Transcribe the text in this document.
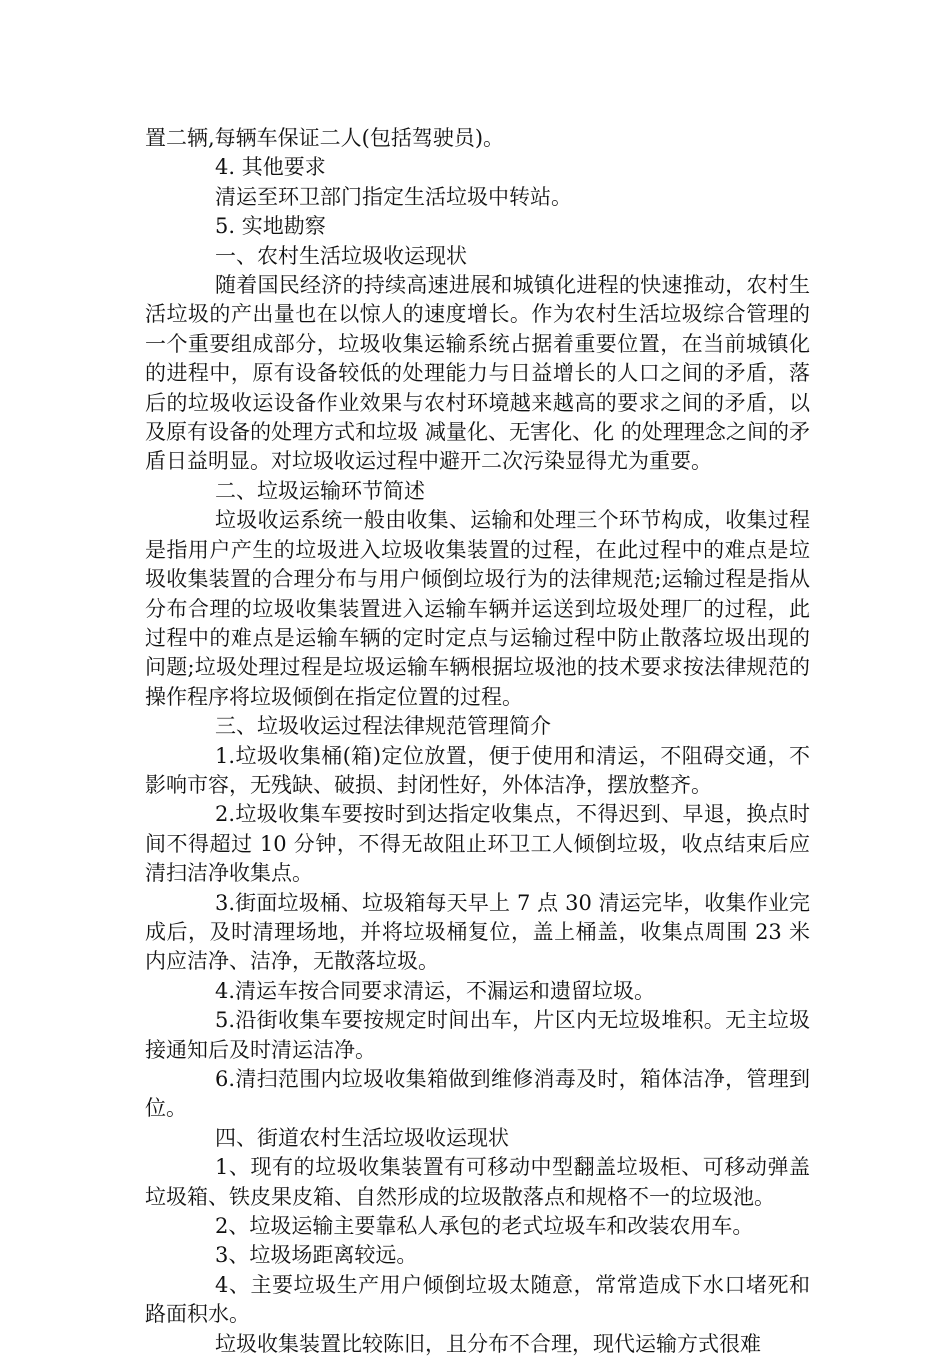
置二辆,每辆车保证二人(包括驾驶员)。

4. 其他要求

清运至环卫部门指定生活垃圾中转站。

5. 实地勘察

一、农村生活垃圾收运现状

随着国民经济的持续高速进展和城镇化进程的快速推动，农村生活垃圾的产出量也在以惊人的速度增长。作为农村生活垃圾综合管理的一个重要组成部分，垃圾收集运输系统占据着重要位置，在当前城镇化的进程中，原有设备较低的处理能力与日益增长的人口之间的矛盾，落后的垃圾收运设备作业效果与农村环境越来越高的要求之间的矛盾，以及原有设备的处理方式和垃圾 减量化、无害化、化 的处理理念之间的矛盾日益明显。对垃圾收运过程中避开二次污染显得尤为重要。

二、垃圾运输环节简述

垃圾收运系统一般由收集、运输和处理三个环节构成，收集过程是指用户产生的垃圾进入垃圾收集装置的过程，在此过程中的难点是垃圾收集装置的合理分布与用户倾倒垃圾行为的法律规范;运输过程是指从分布合理的垃圾收集装置进入运输车辆并运送到垃圾处理厂的过程，此过程中的难点是运输车辆的定时定点与运输过程中防止散落垃圾出现的问题;垃圾处理过程是垃圾运输车辆根据垃圾池的技术要求按法律规范的操作程序将垃圾倾倒在指定位置的过程。

三、垃圾收运过程法律规范管理简介

1.垃圾收集桶(箱)定位放置，便于使用和清运，不阻碍交通，不影响市容，无残缺、破损、封闭性好，外体洁净，摆放整齐。

2.垃圾收集车要按时到达指定收集点，不得迟到、早退，换点时间不得超过 10 分钟，不得无故阻止环卫工人倾倒垃圾，收点结束后应清扫洁净收集点。

3.街面垃圾桶、垃圾箱每天早上 7 点 30 清运完毕，收集作业完成后，及时清理场地，并将垃圾桶复位，盖上桶盖，收集点周围 23 米内应洁净、洁净，无散落垃圾。

4.清运车按合同要求清运，不漏运和遗留垃圾。

5.沿街收集车要按规定时间出车，片区内无垃圾堆积。无主垃圾接通知后及时清运洁净。

6.清扫范围内垃圾收集箱做到维修消毒及时，箱体洁净，管理到位。

四、街道农村生活垃圾收运现状

1、现有的垃圾收集装置有可移动中型翻盖垃圾柜、可移动弹盖垃圾箱、铁皮果皮箱、自然形成的垃圾散落点和规格不一的垃圾池。

2、垃圾运输主要靠私人承包的老式垃圾车和改装农用车。

3、垃圾场距离较远。

4、主要垃圾生产用户倾倒垃圾太随意，常常造成下水口堵死和路面积水。

垃圾收集装置比较陈旧，且分布不合理，现代运输方式很难
